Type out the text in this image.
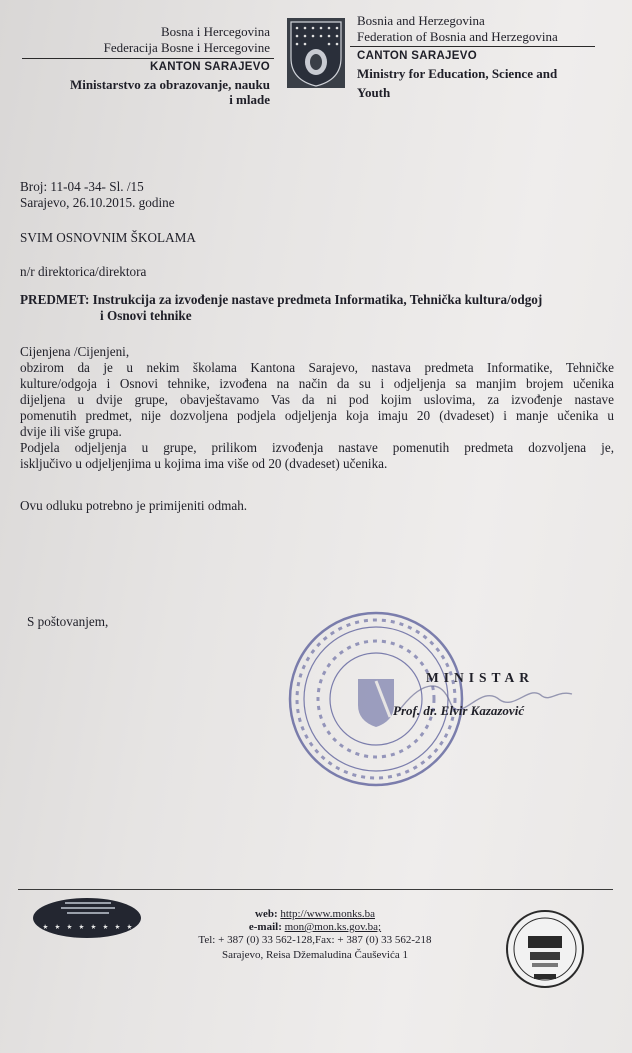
Bosna i Hercegovina
Federacija Bosne i Hercegovine
KANTON SARAJEVO
Ministarstvo za obrazovanje, nauku
i mlade
Bosnia and Herzegovina
Federation of Bosnia and Herzegovina
CANTON SARAJEVO
Ministry for Education, Science and
Youth
Broj: 11-04 -34- Sl. /15
Sarajevo, 26.10.2015. godine
SVIM OSNOVNIM ŠKOLAMA
n/r direktorica/direktora
PREDMET: Instrukcija za izvođenje nastave predmeta Informatika, Tehnička kultura/odgoj
i Osnovi tehnike
Cijenjena /Cijenjeni,
obzirom da je u nekim školama Kantona Sarajevo, nastava predmeta Informatike, Tehničke
kulture/odgoja i Osnovi tehnike, izvođena na način da su i odjeljenja sa manjim brojem učenika
dijeljena u dvije grupe, obavještavamo Vas da ni pod kojim uslovima, za izvođenje nastave
pomenutih predmet, nije dozvoljena podjela odjeljenja koja imaju 20 (dvadeset) i manje učenika u
dvije ili više grupa.
Podjela odjeljenja u grupe, prilikom izvođenja nastave pomenutih predmeta dozvoljena je,
isključivo u odjeljenjima u kojima ima više od 20 (dvadeset) učenika.
Ovu odluku potrebno je primijeniti odmah.
S poštovanjem,
MINISTAR
Prof. dr. Elvir Kazazović
web: http://www.monks.ba
e-mail: mon@mon.ks.gov.ba;
Tel: + 387 (0) 33 562-128,Fax: + 387 (0) 33 562-218
Sarajevo, Reisa Džemaludina Čauševića 1
